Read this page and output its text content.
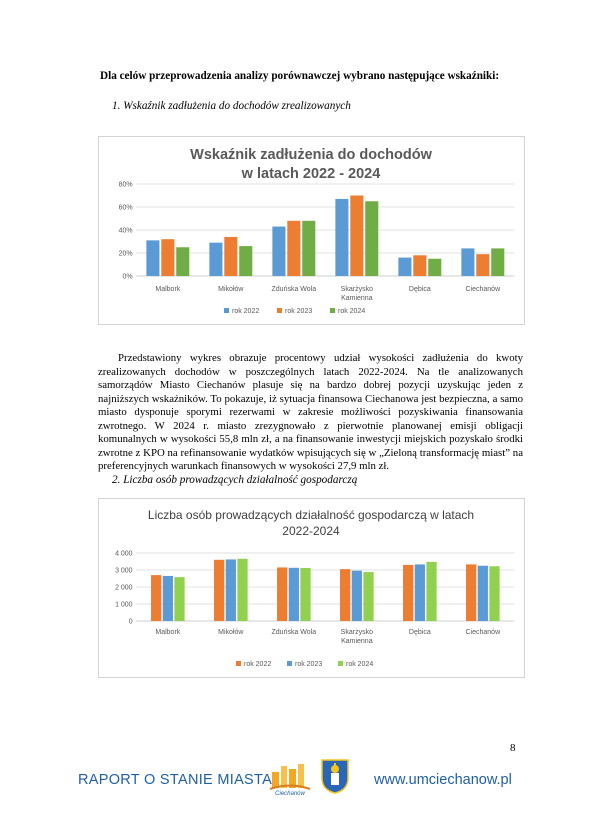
Dla celów przeprowadzenia analizy porównawczej wybrano następujące wskaźniki:
1. Wskaźnik zadłużenia do dochodów zrealizowanych
Wskaźnik zadłużenia do dochodów
w latach 2022 - 2024
0%
20%
40%
60%
80%
Malbork	Mikołów	Zduńska Wola	Skarżysko
Kamienna
Dębica	Ciechanów
rok 2022	rok 2023	rok 2024
Przedstawiony wykres obrazuje procentowy udział wysokości zadłużenia do kwoty zrealizowanych dochodów w poszczególnych latach 2022-2024. Na tle analizowanych samorządów Miasto Ciechanów plasuje się na bardzo dobrej pozycji uzyskując jeden z najniższych wskaźników. To pokazuje, iż sytuacja finansowa Ciechanowa jest bezpieczna, a samo miasto dysponuje sporymi rezerwami w zakresie możliwości pozyskiwania finansowania zwrotnego. W 2024 r. miasto zrezygnowało z pierwotnie planowanej emisji obligacji komunalnych w wysokości 55,8 mln zł, a na finansowanie inwestycji miejskich pozyskało środki zwrotne z KPO na refinansowanie wydatków wpisujących się w „Zieloną transformację miast” na preferencyjnych warunkach finansowych w wysokości 27,9 mln zł.
2. Liczba osób prowadzących działalność gospodarczą
Liczba osób prowadzących działalność gospodarczą w latach
2022-2024
0
1 000
2 000
3 000
4 000
Malbork	Mikołów	Zduńska Wola	Skarżysko
Kamienna
Dębica	Ciechanów
rok 2022	rok 2023	rok 2024
8
RAPORT O STANIE MIASTA
Ciechanów
www.umciechanow.pl
